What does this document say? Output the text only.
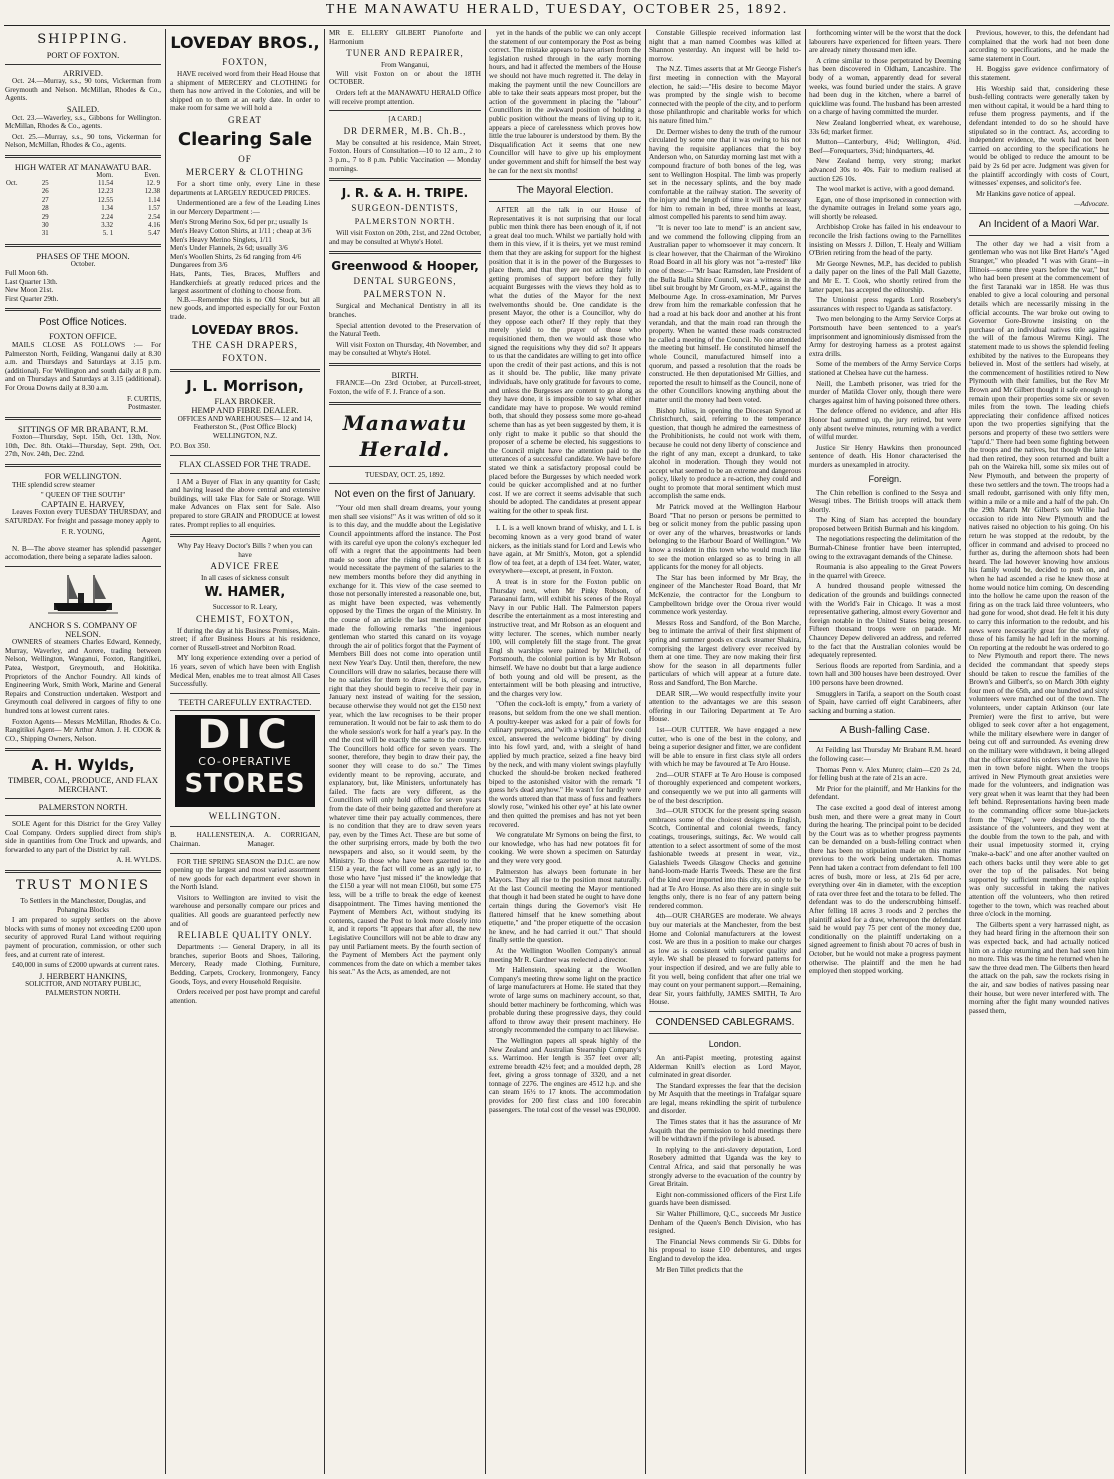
THE MANAWATU HERALD, TUESDAY, OCTOBER 25, 1892.
SHIPPING.
PORT OF FOXTON.
ARRIVED.

Oct. 24.—Murray, s.s., 90 tons, Vickerman from Greymouth and Nelson. McMillan, Rhodes & Co., Agents.

SAILED.

Oct. 23.—Waverley, s.s., Gibbons for Wellington. McMillan, Rhodes & Co., agents.

Oct. 25.—Murray, s.s., 90 tons, Vickerman for Nelson, McMillan, Rhodes & Co., agents.

HIGH WATER AT MANAWATU BAR.
		Morn.	Even.
Oct.	25	11.54	12. 9
	26	12.23	12.38
	27	12.55	1.14
	28	1.34	1.57
	29	2.24	2.54
	30	3.32	4.16
	31	5. 1	5.47
PHASES OF THE MOON.
October.
Full Moon 6th.
Last Quarter 13th.
New Moon 21st.
First Quarter 29th.
Post Office Notices.
FOXTON OFFICE.

MAILS CLOSE AS FOLLOWS :— For Palmerston North, Feilding, Wanganui daily at 8.30 a.m. and Thursdays and Saturdays at 3.15 p.m. (additional). For Wellington and south daily at 8 p.m. and on Thursdays and Saturdays at 3.15 (additional). For Oroua Downs daily at 8.30 a.m.

F. CURTIS,
Postmaster.
SITTINGS OF MR BRABANT, R.M.

Foxton—Thursday, Sept. 15th, Oct. 13th, Nov. 10th, Dec. 8th. Otaki—Thursday, Sept. 29th, Oct. 27th, Nov. 24th, Dec. 22nd.

FOR WELLINGTON.

THE splendid screw steamer

" QUEEN OF THE SOUTH"
CAPTAIN E. HARVEY,

Leaves Foxton every TUESDAY THURSDAY, and SATURDAY. For freight and passage money apply to

F. R. YOUNG,
Agent,

N. B—The above steamer has splendid passenger accomodation, there being a separate ladies saloon.

ANCHOR S S. COMPANY OF
NELSON.

OWNERS of steamers Charles Edward, Kennedy, Murray, Waverley, and Aorere, trading between Nelson, Wellington, Wanganui, Foxton, Rangitikei, Patea, Westport, Greymouth, and Hokitika. Proprietors of the Anchor Foundry. All kinds of Engineering Work, Smith Work, Marine and General Repairs and Construction undertaken. Westport and Greymouth coal delivered in cargoes of fifty to one hundred tons at lowest current rates.

Foxton Agents— Messrs McMillan, Rhodes & Co. Rangitikei Agent— Mr Arthur Amon. J. H. COOK & CO., Shipping Owners, Nelson.

A. H. Wylds,
TIMBER, COAL, PRODUCE, AND FLAX MERCHANT.
PALMERSTON NORTH.

SOLE Agent for this District for the Grey Valley Coal Company. Orders supplied direct from ship's side in quantities from One Truck and upwards, and forwarded to any part of the District by rail.

A. H. WYLDS.
TRUST MONIES

To Settlers in the Manchester, Douglas, and Pohangina Blocks

I am prepared to supply settlers on the above blocks with sums of money not exceeding £200 upon security of approved Rural Land without requiring payment of procuration, commission, or other such fees, and at current rate of interest.

£40,000 in sums of £2000 upwards at current rates.

J. HERBERT HANKINS,
SOLICITOR, AND NOTARY PUBLIC,
PALMERSTON NORTH.
LOVEDAY BROS.,
FOXTON,

HAVE received word from their Head House that a shipment of MERCERY and CLOTHING for them has now arrived in the Colonies, and will be shipped on to them at an early date. In order to make room for same we will hold a

GREAT
Clearing Sale
OF
MERCERY & CLOTHING

For a short time only, every Line in these departments at LARGELY REDUCED PRICES.

Undermentioned are a few of the Leading Lines in our Mercery Department :—

Men's Strong Merino Sox, 6d per pr.; usually 1s
Men's Heavy Cotton Shirts, at 1/11 ; cheap at 3/6
Men's Heavy Merino Singlets, 1/11
Men's Under Flannels, 2s 6d; usually 3/6
Men's Woollen Shirts, 2s 6d ranging from 4/6
Dungarees from 3/6
Hats, Pants, Ties, Braces, Mufflers and Handkerchiefs at greatly reduced prices and the largest assortment of clothing to choose from.

N.B.—Remember this is no Old Stock, but all new goods, and imported especially for our Foxton trade.

LOVEDAY BROS.
THE CASH DRAPERS,
FOXTON.
J. L. Morrison,
FLAX BROKER.
HEMP AND FIBRE DEALER.

OFFICES AND WAREHOUSES— 12 and 14, Featherston St., (Post Office Block) WELLINGTON, N.Z.

P.O. Box 350.
FLAX CLASSED FOR THE TRADE.

I AM a Buyer of Flax in any quantity for Cash; and having leased the above central and extensive buildings, will take Flax for Sale or Storage. Will make Advances on Flax sent for Sale. Also prepared to store GRAIN and PRODUCE at lowest rates. Prompt replies to all enquiries.

Why Pay Heavy Doctor's Bills ? when you can have

ADVICE FREE
In all cases of sickness consult
W. HAMER,
Successor to R. Leary,
CHEMIST, FOXTON,

If during the day at his Business Premises, Main-street; if after Business Hours at his residence, corner of Russell-street and Norbiton Road.

MY long experience extending over a period of 16 years, seven of which have been with English Medical Men, enables me to treat almost All Cases Successfully.

TEETH CAREFULLY EXTRACTED.
DIC
CO-OPERATIVE
STORES
WELLINGTON.
B. HALLENSTEIN, Chairman.
A. A. CORRIGAN, Manager.

FOR THE SPRING SEASON the D.I.C. are now opening up the largest and most varied assortment of new goods for each department ever shown in the North Island.

Visitors to Wellington are invited to visit the warehouse and personally compare our prices and qualities. All goods are guaranteed perfectly new and of

RELIABLE QUALITY ONLY.

Departments :— General Drapery, in all its branches, superior Boots and Shoes, Tailoring, Mercery, Ready made Clothing, Furniture, Bedding, Carpets, Crockery, Ironmongery, Fancy Goods, Toys, and every Household Requisite.

Orders received per post have prompt and careful attention.

MR E. ELLERY GILBERT Pianoforte and Harmonium

TUNER AND REPAIRER,
From Wanganui,

Will visit Foxton on or about the 18TH OCTOBER.

Orders left at the MANAWATU HERALD Office will receive prompt attention.

[A CARD.]
DR DERMER, M.B. Ch.B.,

May be consulted at his residence, Main Street, Foxton. Hours of Consultation—10 to 12 a.m., 2 to 3 p.m., 7 to 8 p.m. Public Vaccination — Monday mornings.

J. R. & A. H. TRIPE.
SURGEON-DENTISTS,
PALMERSTON NORTH.

Will visit Foxton on 20th, 21st, and 22nd October, and may be consulted at Whyte's Hotel.

Greenwood & Hooper,
DENTAL SURGEONS,
PALMERSTON N.

Surgical and Mechanical Dentistry in all its branches.

Special attention devoted to the Preservation of the Natural Teeth.

Will visit Foxton on Thursday, 4th November, and may be consulted at Whyte's Hotel.

BIRTH.

FRANCE—On 23rd October, at Purcell-street, Foxton, the wife of F. J. France of a son.

Manawatu Herald.
TUESDAY, OCT. 25, 1892.
Not even on the first of January.

"Your old men shall dream dreams, your young men shall see visions!" As it was written of old so it is to this day, and the muddle about the Legislative Council appointments afford the instance. The Post with its careful eye upon the colony's exchequer led off with a regret that the appointments had been made so soon after the rising of parliament as it would necessitate the payment of the salaries to the new members months before they did anything in exchange for it. This view of the case seemed to those not personally interested a reasonable one, but, as might have been expected, was vehemently opposed by the Times the organ of the Ministry. In the course of an article the last mentioned paper made the following remarks "the ingenious gentleman who started this canard on its voyage through the air of politics forgot that the Payment of Members Bill does not come into operation until next New Year's Day. Until then, therefore, the new Councillors will draw no salaries, because there will be no salaries for them to draw." It is, of course, right that they should begin to receive their pay in January next instead of waiting for the session, because otherwise they would not get the £150 next year, which the law recognises to be their proper remuneration. It would not be fair to ask them to do the whole session's work for half a year's pay. In the end the cost will be exactly the same to the country. The Councillors hold office for seven years. The sooner, therefore, they begin to draw their pay, the sooner they will cease to do so." The Times evidently meant to be reproving, accurate, and explanatory, but, like Ministers, unfortunately has failed. The facts are very different, as the Councillors will only hold office for seven years from the date of their being gazetted and therefore at whatever time their pay actually commences, there is no condition that they are to draw seven years pay, even by the Times Act. These are but some of the other surprising errors, made by both the two newspapers and also, so it would seem, by the Ministry. To those who have been gazetted to the £150 a year, the fact will come as an ugly jar, to those who have "just missed it" the knowledge that the £150 a year will not mean £1060, but some £75 less, will be a trifle to break the edge of keenest disappointment. The Times having mentioned the Payment of Members Act, without studying its contents, caused the Post to look more closely into it, and it reports "It appears that after all, the new Legislative Councillors will not be able to draw any pay until Parliament meets. By the fourth section of the Payment of Members Act the payment only commences from the date on which a member takes his seat." As the Acts, as amended, are not

yet in the hands of the public we can only accept the statement of our contemporary the Post as being correct. The mistake appears to have arisen from the legislation rushed through in the early morning hours, and had it affected the members of the House we should not have much regretted it. The delay in making the payment until the new Councillors are able to take their seats appears most proper, but the action of the government in placing the "labour" Councillors in the awkward position of holding a public position without the means of living up to it, appears a piece of carelessness which proves how little the true labourer is understood by them. By the Disqualification Act it seems that one new Councillor will have to give up his employment under government and shift for himself the best way he can for the next six months!

The Mayoral Election.

AFTER all the talk in our House of Representatives it is not surprising that our local public men think there has been enough of it, if not a great deal too much. Whilst we partially hold with them in this view, if it is theirs, yet we must remind them that they are asking for support for the highest position that it is in the power of the Burgesses to place them, and that they are not acting fairly in getting promises of support before they fully acquaint Burgesses with the views they hold as to what the duties of the Mayor for the next twelvemonths should be. One candidate is the present Mayor, the other is a Councillor, why do they oppose each other? If they reply that they merely yield to the prayer of those who requisitioned them, then we would ask those who signed the requisitions why they did so? It appears to us that the candidates are willing to get into office upon the credit of their past actions, and this is not as it should be. The public, like many private individuals, have only gratitude for favours to come, and unless the Burgesses are content to go along as they have done, it is impossible to say what either candidate may have to propose. We would remind both, that should they possess some more go-ahead scheme than has as yet been suggested by them, it is only right to make it public so that should the proposer of a scheme be elected, his suggestions to the Council might have the attention paid to the utterances of a successful candidate. We have before stated we think a satisfactory proposal could be placed before the Burgesses by which needed work could be quicker accomplished and at no further cost. If we are correct it seems advisable that such should be adopted. The candidates at present appear waiting for the other to speak first.

L L is a well known brand of whisky, and L L is becoming known as a very good brand of water nickers, as the initials stand for Lord and Lewis who have again, at Mr Smith's, Moton, got a splendid flow of tea feet, at a depth of 134 feet. Water, water, everywhere—except, at present, in Foxton.

A treat is in store for the Foxton public on Thursday next, when Mr Pinky Robson, of Paraoanui farm, will exhibit his scenes of the Royal Navy in our Public Hall. The Palmerston papers describe the entertainment as a most interesting and instructive treat, and Mr Robson as an eloquent and witty lecturer. The scenes, which number nearly 100, will completely fill the stage front. The great Engl sh warships were painted by Mitchell, of Portsmouth, the colonial portion is by Mr Robson himself. We have no doubt but that a large audience of both young and old will be present, as the entertainment will be both pleasing and intructive, and the charges very low.

"Often the cock-loft is empty," from a variety of reasons, but seldom from the one we shall mention. A poultry-keeper was asked for a pair of fowls for culinary purposes, and "with a vigour that few could excel, answered the welcome bidding" by diving into his fowl yard, and, with a sleight of hand applied by much practice, seized a fine heavy bird by the neck, and with many violent swings playfully chucked the should-be broken necked feathered biped to the astonished visitor with the remark "I guess he's dead anyhow." He wasn't for hardly were the words uttered than that mass of fuss and feathers slowly rose, "winked his other eye" at his late owner and then quitted the premises and has not yet been recovered.

We congratulate Mr Symons on being the first, to our knowledge, who has had new potatoes fit for cooking. We were shown a specimen on Saturday and they were very good.

Palmerston has always been fortunate in her Mayors. They all rise to the position most naturally. At the last Council meeting the Mayor mentioned that though it had been stated he ought to have done certain things during the Governor's visit He flattered himself that he knew something about etiquette," and "the proper etiquette of the occasion he knew, and he had carried it out." That should finally settle the question.

At the Wellington Woollen Company's annual meeting Mr R. Gardner was reelected a director.

Mr Hallenstein, speaking at the Woollen Company's meeting threw some light on the practice of large manufacturers at Home. He stated that they wrote of large sums on machinery account, so that, should better machinery be forthcoming, which was probable during these progressive days, they could afford to throw away their present machinery. He strongly recommended the company to act likewise.

The Wellington papers all speak highly of the New Zealand and Australian Steamship Company's s.s. Warrimoo. Her length is 357 feet over all; extreme breadth 42½ feet; and a moulded depth, 28 feet, giving a gross tonnage of 3320, and a net tonnage of 2276. The engines are 4512 h.p. and she can steam 16½ to 17 knots. The accommodation provides for 200 first class and 100 forecabin passengers. The total cost of the vessel was £90,000.

Constable Gillespie received information last night that a man named Coombes was killed at Shannon yesterday. An inquest will be held to-morrow.

The N.Z. Times asserts that at Mr George Fisher's first meeting in connection with the Mayoral election, he said:—"His desire to become Mayor was prompted by the single wish to become connected with the people of the city, and to perform those philanthropic and charitable works for which his nature fitted him."

Dr. Dermer wishes to deny the truth of the rumour circulated by some one that it was owing to his not having the requisite appliances that the boy Anderson who, on Saturday morning last met with a compound fracture of both bones of the leg, was sent to Wellington Hospital. The limb was properly set in the necessary splints, and the boy made comfortable at the railway station. The severity of the injury and the length of time it will be necessary for him to remain in bed, three months at least, almost compelled his parents to send him away.

"It is never too late to mend" is an ancient saw, and we commend the following clipping from an Australian paper to whomsoever it may concern. It is clear however, that the Chairman of the Wirokino Road Board in all his glory was not "a-rrested" like one of these:—"Mr Isaac Ramsden, late President of the Bulla Bulla Shire Council, was a witness in the libel suit brought by Mr Groom, ex-M.P., against the Melbourne Age. In cross-examination, Mr Purves drew from him the remarkable confession that he had a road at his back door and another at his front verandah, and that the main road ran through the property. When he wanted these roads constructed he called a meeting of the Council. No one attended the meeting but himself. He constituted himself the whole Council, manufactured himself into a quorum, and passed a resolution that the roads be constructed. He then deputationised Mr Gillies, and reported the result to himself as the Council, none of the other Councillors knowing anything about the matter until the money had been voted.

Bishop Julius, in opening the Diocesan Synod at Christchurch, said, referring to the temperance question, that though he admired the earnestness of the Prohibitionists, he could not work with them, because he could not deny liberty of conscience and the right of any man, except a drunkard, to take alcohol in moderation. Though they would not accept what seemed to be an extreme and dangerous policy, likely to produce a re-action, they could and ought to promote that moral sentiment which must accomplish the same ends.

Mr Patrick moved at the Wellington Harbour Board "That no person or persons be permitted to beg or solicit money from the public passing upon or over any of the wharves, breastworks or lands belonging to the Harbour Board of Wellington." We know a resident in this town who would much like to see the motion enlarged so as to bring in all applicants for the money for all objects.

The Star has been informed by Mr Bray, the engineer of the Manchester Road Board, that Mr McKenzie, the contractor for the Longburn to Campbelltown bridge over the Oroua river would commence work yesterday.

Messrs Ross and Sandford, of the Bon Marche, beg to intimate the arrival of their first shipment of spring and summer goods ex crack steamer Shakira, comprising the largest delivery ever received by them at one time. They are now making their first show for the season in all departments fuller particulars of which will appear at a future date. Ross and Sandford, The Bon Marche.

DEAR SIR,—We would respectfully invite your attention to the advantages we are this season offering in our Tailoring Department at Te Aro House.

1st—OUR CUTTER. We have engaged a new cutter, who is one of the best in the colony, and being a superior designer and fitter, we are confident will be able to ensure in first class style all orders with which he may be favoured at Te Aro House.

2nd—OUR STAFF at Te Aro House is composed of thoroughly experienced and competent workers, and consequently we we put into all garments will be of the best description.

3rd—OUR STOCK for the present spring season embraces some of the choicest designs in English, Scotch, Continental and colonial tweeds, fancy coatings, trouserings, suitings, &c. We would call attention to a select assortment of some of the most fashionable tweeds at present in wear, viz., Galashiels Tweeds Glasgow Checks and genuine hand-loom-made Harris Tweeds. These are the first of the kind ever imported into this city, so only to be had at Te Aro House. As also there are in single suit lengths only, there is no fear of any pattern being rendered common.

4th—OUR CHARGES are moderate. We always buy our materials at the Manchester, from the best Home and Colonial manufacturers at the lowest cost. We are thus in a position to make our charges as low as is consistent with superior quality and style. We shall be pleased to forward patterns for your inspection if desired, and we are fully able to fit you well, being confident that after one trial we may count on your permanent support.—Remaining, dear Sir, yours faithfully, JAMES SMITH, Te Aro House.

CONDENSED CABLEGRAMS.
London.

An anti-Papist meeting, protesting against Alderman Knill's election as Lord Mayor, culminated in great disorder.

The Standard expresses the fear that the decision by Mr Asquith that the meetings in Trafalgar square are legal, means rekindling the spirit of turbulence and disorder.

The Times states that it has the assurance of Mr Asquith that the permission to hold meetings there will be withdrawn if the privilege is abused.

In replying to the anti-slavery deputation, Lord Rosebery admitted that Uganda was the key to Central Africa, and said that personally he was strongly adverse to the evacuation of the country by Great Britain.

Eight non-commissioned officers of the First Life guards have been dismissed.

Sir Walter Phillimore, Q.C., succeeds Mr Justice Denham of the Queen's Bench Division, who has resigned.

The Financial News commends Sir G. Dibbs for his proposal to issue £10 debentures, and urges England to develop the idea.

Mr Ben Tillet predicts that the

forthcoming winter will be the worst that the dock labourers have experienced for fifteen years. There are already ninety thousand men idle.

A crime similar to those perpetrated by Deeming has been discovered in Oldham, Lancashire. The body of a woman, apparently dead for several weeks, was found buried under the stairs. A grave had been dug in the kitchen, where a barrel of quicklime was found. The husband has been arrested on a charge of having committed the murder.

New Zealand longberried wheat, ex warehouse, 33s 6d; market firmer.

Mutton—Canterbury, 4¾d; Wellington, 4¾d. Beef—Forequarters, 3¼d; hindquarters, 4d.

New Zealand hemp, very strong; market advanced 30s to 40s. Fair to medium realised at auction £26 10s.

The wool market is active, with a good demand.

Egan, one of those imprisoned in connection with the dynamite outrages in Ireland some years ago, will shortly be released.

Archbishop Croke has failed in his endeavour to reconcile the Irish factions owing to the Parnellites insisting on Messrs J. Dillon, T. Healy and William O'Brien retiring from the head of the party.

Mr George Newnes, M.P., has decided to publish a daily paper on the lines of the Pall Mall Gazette, and Mr E. T. Cook, who shortly retired from the latter paper, has accepted the editorship.

The Unionist press regards Lord Rosebery's assurances with respect to Uganda as satisfactory.

Two men belonging to the Army Service Corps at Portsmouth have been sentenced to a year's imprisonment and ignominiously dismissed from the Army for destroying harness as a protest against extra drills.

Some of the members of the Army Service Corps stationed at Chelsea have cut the harness.

Neill, the Lambeth prisoner, was tried for the murder of Matilda Clover only, though there were charges against him of having poisoned three others.

The defence offered no evidence, and after His Honor had summed up, the jury retired, but were only absent twelve minutes, returning with a verdict of wilful murder.

Justice Sir Henry Hawkins then pronounced sentence of death. His Honor characterised the murders as unexampled in atrocity.

Foreign.

The Chin rebellion is confined to the Sesya and Wesugi tribes. The British troops will attack them shortly.

The King of Siam has accepted the boundary proposed between British Burmah and his kingdom.

The negotiations respecting the delimitation of the Burmah-Chinese frontier have been interrupted, owing to the extravagant demands of the Chinese.

Roumania is also appealing to the Great Powers in the quarrel with Greece.

A hundred thousand people witnessed the dedication of the grounds and buildings connected with the World's Fair in Chicago. It was a most representative gathering, almost every Governor and foreign notable in the United States being present. Fifteen thousand troops were on parade. Mr Chauncey Depew delivered an address, and referred to the fact that the Australian colonies would be adequately represented.

Serious floods are reported from Sardinia, and a town hall and 300 houses have been destroyed. Over 100 persons have been drowned.

Smugglers in Tarifa, a seaport on the South coast of Spain, have carried off eight Carabineers, after sacking and burning a station.

A Bush-falling Case.

At Feilding last Thursday Mr Brabant R.M. heard the following case:—

Thomas Penn v. Alex Munro; claim—£20 2s 2d, for felling bush at the rate of 21s an acre.

Mr Prior for the plaintiff, and Mr Hankins for the defendant.

The case excited a good deal of interest among bush men, and there were a great many in Court during the hearing. The principal point to be decided by the Court was as to whether progress payments can be demanded on a bush-felling contract when there has been no stipulation made on this matter previous to the work being undertaken. Thomas Penn had taken a contract from defendant to fell 100 acres of bush, more or less, at 21s 6d per acre, everything over 4in in diameter, with the exception of rata over three feet and the totara to be felled. The defendant was to do the underscrubbing himself. After felling 18 acres 3 roods and 2 perches the plaintiff asked for a draw, whereupon the defendant said he would pay 75 per cent of the money due, conditionally on the plaintiff undertaking on a signed agreement to finish about 70 acres of bush in October, but he would not make a progress payment otherwise. The plaintiff and the men he had employed then stopped working.

Previous, however, to this, the defendant had complained that the work had not been done according to specifications, and he made the same statement in Court.

H. Boggiss gave evidence confirmatory of this statement.

His Worship said that, considering these bush-felling contracts were generally taken by men without capital, it would be a hard thing to refuse them progress payments, and if the defendant intended to do so he should have stipulated so in the contract. As, according to independent evidence, the work had not been carried on according to the specifications he would be obliged to reduce the amount to be paid by 2s 6d per acre. Judgment was given for the plaintiff accordingly with costs of Court, witnesses' expenses, and solicitor's fee.

Mr Hankins gave notice of appeal.

—Advocate.
An Incident of a Maori War.

The other day we had a visit from a gentleman who was not like Bret Harte's "Aged Stranger," who pleaded "I was with Grant—in Illinois—some three years before the war," but who had been present at the commencement of the first Taranaki war in 1858. He was thus enabled to give a local colouring and personal details which are necessarily missing in the official accounts. The war broke out owing to Governor Gore-Browne insisting on the purchase of an individual natives title against the will of the famous Wiremu Kingi. The statement made to us shows the splendid feeling exhibited by the natives to the Europeans they believed in. Most of the settlers had wisely, at the commencement of hostilities retired to New Plymouth with their families, but the Rev Mr Brown and Mr Gilbert thought it safe enough to remain upon their properties some six or seven miles from the town. The leading chiefs appreciating their confidence affixed notices upon the two properties signifying that the persons and property of these two settlers were "tapu'd." There had been some fighting between the troops and the natives, but though the latter had then retired, they soon returned and built a pah on the Waireka hill, some six miles out of New Plymouth, and between the property of these two settlers and the town. The troops had a small redoubt, garrisoned with only fifty men, within a mile or a mile and a half of the pah. On the 29th March Mr Gilbert's son Willie had occasion to ride into New Plymouth and the natives raised no objection to his going. On his return he was stopped at the redoubt, by the officer in command and advised to proceed no further as, during the afternoon shots had been heard. The lad however knowing how anxious his family would be, decided to push on, and when he had ascended a rise he knew those at home would notice him coming. On descending into the hollow he came upon the reason of the firing as on the track laid three volunteers, who had gone for wood, shot dead. He felt it his duty to carry this information to the redoubt, and his news were necessarily great for the safety of those of his family he had left in the morning. On reporting at the redoubt he was ordered to go to New Plymouth and report there. The news decided the commandant that speedy steps should be taken to rescue the families of the Brown's and Gilbert's, so on March 30th eighty four men of the 65th, and one hundred and sixty volunteers were marched out of the town. The volunteers, under captain Atkinson (our late Premier) were the first to arrive, but were obliged to seek cover after a hot engagement, while the military elsewhere were in danger of being cut off and surrounded. As evening drew on the military were withdrawn, it being alleged that the officer stated his orders were to have his men in town before night. When the troops arrived in New Plymouth great anxieties were made for the volunteers, and indignation was very great when it was learnt that they had been left behind. Representations having been made to the commanding officer some blue-jackets from the "Niger," were despatched to the assistance of the volunteers, and they went at the double from the town to the pah, and with their usual impetuosity stormed it, crying "make-a-back" and one after another vaulted on each others backs until they were able to get over the top of the palisades. Not being supported by sufficient members their exploit was only successful in taking the natives attention off the volunteers, who then retired together to the town, which was reached about three o'clock in the morning.

The Gilberts spent a very harrassed night, as they had heard firing in the afternoon their son was expected back, and had actually noticed him on a ridge returning and then had seen him no more. This was the time he returned when he saw the three dead men. The Gilberts then heard the attack on the pah, saw the rockets rising in the air, and saw bodies of natives passing near their house, but were never interfered with. The morning after the fight many wounded natives passed them,
